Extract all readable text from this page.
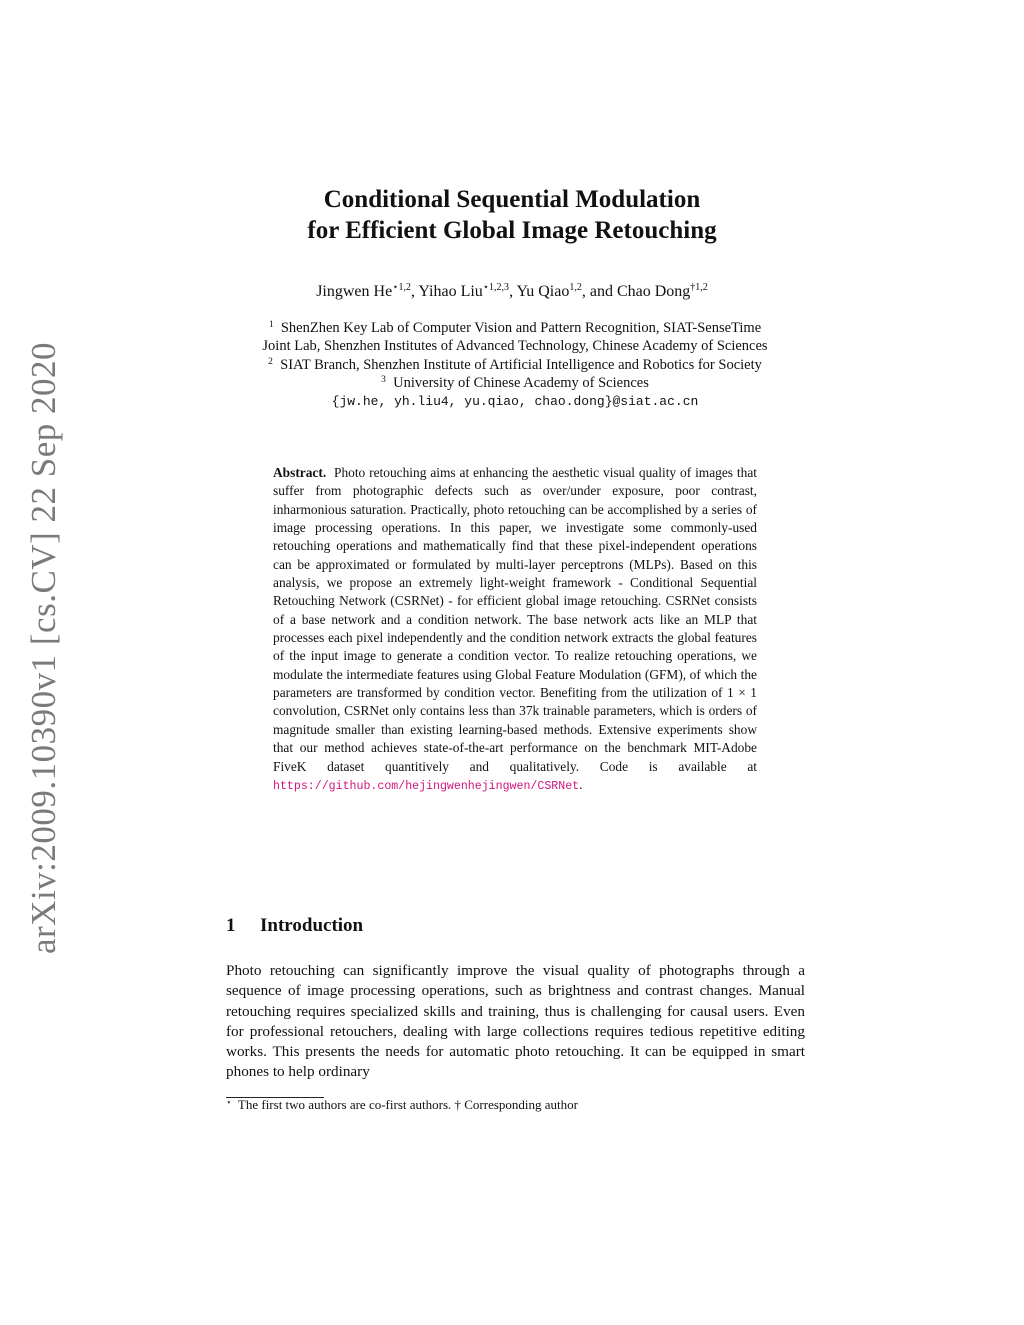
arXiv:2009.10390v1 [cs.CV] 22 Sep 2020
Conditional Sequential Modulation
for Efficient Global Image Retouching
Jingwen $He^{⋆1,2}$, Yihao Liu$^{⋆1,2,3}$, Yu Qiao$^{1,2}$, and Chao Dong$^{\dagger 1,2}$
$^1$ ShenZhen Key Lab of Computer Vision and Pattern Recognition, SIAT-SenseTime
Joint Lab, Shenzhen Institutes of Advanced Technology, Chinese Academy of Sciences
$^2$ SIAT Branch, Shenzhen Institute of Artificial Intelligence and Robotics for Society
$^3$ University of Chinese Academy of Sciences
{jw.he, yh.liu4, yu.qiao, chao.dong}@siat.ac.cn
Abstract. Photo retouching aims at enhancing the aesthetic visual quality of images that suffer from photographic defects such as over/under exposure, poor contrast, inharmonious saturation. Practically, photo retouching can be accomplished by a series of image processing operations. In this paper, we investigate some commonly-used retouching operations and mathematically find that these pixel-independent operations can be approximated or formulated by multi-layer perceptrons (MLPs). Based on this analysis, we propose an extremely light-weight framework - Conditional Sequential Retouching Network (CSRNet) - for efficient global image retouching. CSRNet consists of a base network and a condition network. The base network acts like an MLP that processes each pixel independently and the condition network extracts the global features of the input image to generate a condition vector. To realize retouching operations, we modulate the intermediate features using Global Feature Modulation (GFM), of which the parameters are transformed by condition vector. Benefiting from the utilization of 1 × 1 convolution, CSRNet only contains less than 37k trainable parameters, which is orders of magnitude smaller than existing learning-based methods. Extensive experiments show that our method achieves state-of-the-art performance on the benchmark MIT-Adobe FiveK dataset quantitively and qualitatively. Code is available at https://github.com/hejingwenhejingwen/CSRNet.
1 Introduction
Photo retouching can significantly improve the visual quality of photographs through a sequence of image processing operations, such as brightness and contrast changes. Manual retouching requires specialized skills and training, thus is challenging for causal users. Even for professional retouchers, dealing with large collections requires tedious repetitive editing works. This presents the needs for automatic photo retouching. It can be equipped in smart phones to help ordinary
⋆ The first two authors are co-first authors. † Corresponding author
